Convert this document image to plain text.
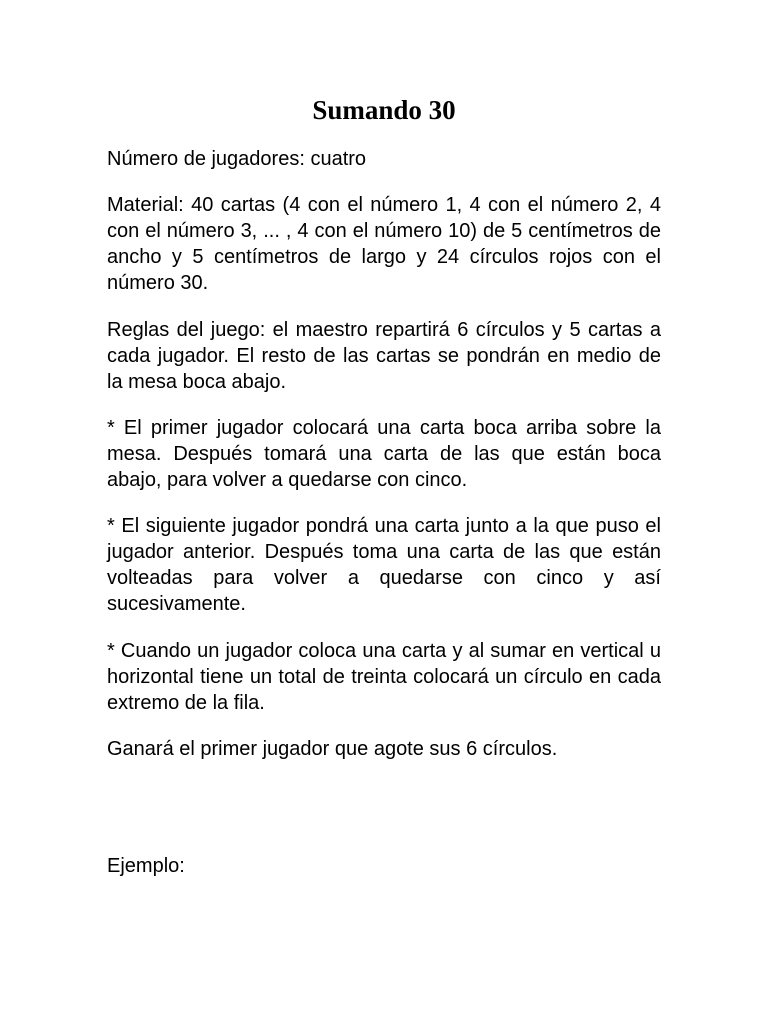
Sumando 30

Número de jugadores: cuatro

Material: 40 cartas (4 con el número 1, 4 con el número 2, 4 con el número 3, ... , 4 con el número 10) de 5 centímetros de ancho y 5 centímetros de largo y 24 círculos rojos con el número 30.

Reglas del juego: el maestro repartirá 6 círculos y 5 cartas a cada jugador. El resto de las cartas se pondrán en medio de la mesa boca abajo.

* El primer jugador colocará una carta boca arriba sobre la mesa. Después tomará una carta de las que están boca abajo, para volver a quedarse con cinco.

* El siguiente jugador pondrá una carta junto a la que puso el jugador anterior. Después toma una carta de las que están volteadas para volver a quedarse con cinco y así sucesivamente.

* Cuando un jugador coloca una carta y al sumar en vertical u horizontal tiene un total de treinta colocará un círculo en cada extremo de la fila.

Ganará el primer jugador que agote sus 6 círculos.

Ejemplo:
